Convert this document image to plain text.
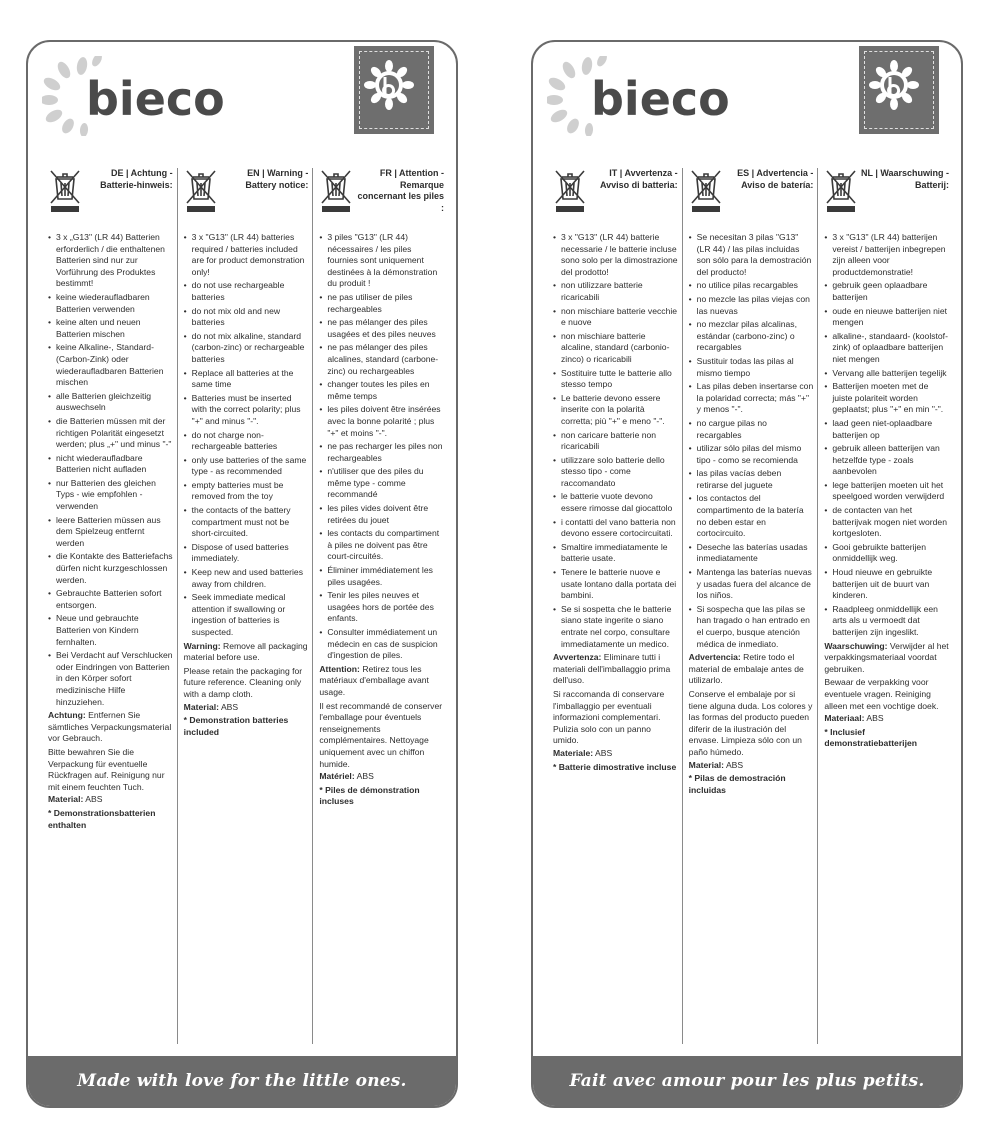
bieco
DE | Achtung - Batterie-hinweis:
• 3 x „G13" (LR 44) Batterien erforderlich / die enthaltenen Batterien sind nur zur Vorführung des Produktes bestimmt!
• keine wiederaufladbaren Batterien verwenden
• keine alten und neuen Batterien mischen
• keine Alkaline-, Standard- (Carbon-Zink) oder wiederaufladbaren Batterien mischen
• alle Batterien gleichzeitig auswechseln
• die Batterien müssen mit der richtigen Polarität eingesetzt werden; plus „+" und minus "-"
• nicht wiederaufladbare Batterien nicht aufladen
• nur Batterien des gleichen Typs - wie empfohlen - verwenden
• leere Batterien müssen aus dem Spielzeug entfernt werden
• die Kontakte des Batteriefachs dürfen nicht kurzgeschlossen werden.
• Gebrauchte Batterien sofort entsorgen.
• Neue und gebrauchte Batterien von Kindern fernhalten.
• Bei Verdacht auf Verschlucken oder Eindringen von Batterien in den Körper sofort medizinische Hilfe hinzuziehen.
Achtung: Entfernen Sie sämtliches Verpackungsmaterial vor Gebrauch.
Bitte bewahren Sie die Verpackung für eventuelle Rückfragen auf. Reinigung nur mit einem feuchten Tuch.
Material: ABS
* Demonstrationsbatterien enthalten
EN | Warning - Battery notice:
• 3 x "G13" (LR 44) batteries required / batteries included are for product demonstration only!
• do not use rechargeable batteries
• do not mix old and new batteries
• do not mix alkaline, standard (carbon-zinc) or rechargeable batteries
• Replace all batteries at the same time
• Batteries must be inserted with the correct polarity; plus "+" and minus "-".
• do not charge non-rechargeable batteries
• only use batteries of the same type - as recommended
• empty batteries must be removed from the toy
• the contacts of the battery compartment must not be short-circuited.
• Dispose of used batteries immediately.
• Keep new and used batteries away from children.
• Seek immediate medical attention if swallowing or ingestion of batteries is suspected.
Warning: Remove all packaging material before use.
Please retain the packaging for future reference. Cleaning only with a damp cloth.
Material: ABS
* Demonstration batteries included
FR | Attention - Remarque concernant les piles :
• 3 piles "G13" (LR 44) nécessaires / les piles fournies sont uniquement destinées à la démonstration du produit !
• ne pas utiliser de piles rechargeables
• ne pas mélanger des piles usagées et des piles neuves
• ne pas mélanger des piles alcalines, standard (carbone-zinc) ou rechargeables
• changer toutes les piles en même temps
• les piles doivent être insérées avec la bonne polarité ; plus "+" et moins "-".
• ne pas recharger les piles non rechargeables
• n'utiliser que des piles du même type - comme recommandé
• les piles vides doivent être retirées du jouet
• les contacts du compartiment à piles ne doivent pas être court-circuités.
• Éliminer immédiatement les piles usagées.
• Tenir les piles neuves et usagées hors de portée des enfants.
• Consulter immédiatement un médecin en cas de suspicion d'ingestion de piles.
Attention: Retirez tous les matériaux d'emballage avant usage.
Il est recommandé de conserver l'emballage pour éventuels renseignements complémentaires. Nettoyage uniquement avec un chiffon humide.
Matériel: ABS
* Piles de démonstration incluses
Made with love for the little ones.
bieco
IT | Avvertenza - Avviso di batteria:
• 3 x "G13" (LR 44) batterie necessarie / le batterie incluse sono solo per la dimostrazione del prodotto!
• non utilizzare batterie ricaricabili
• non mischiare batterie vecchie e nuove
• non mischiare batterie alcaline, standard (carbonio-zinco) o ricaricabili
• Sostituire tutte le batterie allo stesso tempo
• Le batterie devono essere inserite con la polarità corretta; più "+" e meno "-".
• non caricare batterie non ricaricabili
• utilizzare solo batterie dello stesso tipo - come raccomandato
• le batterie vuote devono essere rimosse dal giocattolo
• i contatti del vano batteria non devono essere cortocircuitati.
• Smaltire immediatamente le batterie usate.
• Tenere le batterie nuove e usate lontano dalla portata dei bambini.
• Se si sospetta che le batterie siano state ingerite o siano entrate nel corpo, consultare immediatamente un medico.
Avvertenza: Eliminare tutti i materiali dell'imballaggio prima dell'uso.
Si raccomanda di conservare l'imballaggio per eventuali informazioni complementari. Pulizia solo con un panno umido.
Materiale: ABS
* Batterie dimostrative incluse
ES | Advertencia - Aviso de batería:
• Se necesitan 3 pilas "G13" (LR 44) / las pilas incluidas son sólo para la demostración del producto!
• no utilice pilas recargables
• no mezcle las pilas viejas con las nuevas
• no mezclar pilas alcalinas, estándar (carbono-zinc) o recargables
• Sustituir todas las pilas al mismo tiempo
• Las pilas deben insertarse con la polaridad correcta; más "+" y menos "-".
• no cargue pilas no recargables
• utilizar sólo pilas del mismo tipo - como se recomienda
• las pilas vacías deben retirarse del juguete
• los contactos del compartimento de la batería no deben estar en cortocircuito.
• Deseche las baterías usadas inmediatamente
• Mantenga las baterías nuevas y usadas fuera del alcance de los niños.
• Si sospecha que las pilas se han tragado o han entrado en el cuerpo, busque atención médica de inmediato.
Advertencia: Retire todo el material de embalaje antes de utilizarlo.
Conserve el embalaje por si tiene alguna duda. Los colores y las formas del producto pueden diferir de la ilustración del envase. Limpieza sólo con un paño húmedo.
Material: ABS
* Pilas de demostración incluidas
NL | Waarschuwing - Batterij:
• 3 x "G13" (LR 44) batterijen vereist / batterijen inbegrepen zijn alleen voor productdemonstratie!
• gebruik geen oplaadbare batterijen
• oude en nieuwe batterijen niet mengen
• alkaline-, standaard- (koolstof-zink) of oplaadbare batterijen niet mengen
• Vervang alle batterijen tegelijk
• Batterijen moeten met de juiste polariteit worden geplaatst; plus "+" en min "-".
• laad geen niet-oplaadbare batterijen op
• gebruik alleen batterijen van hetzelfde type - zoals aanbevolen
• lege batterijen moeten uit het speelgoed worden verwijderd
• de contacten van het batterijvak mogen niet worden kortgesloten.
• Gooi gebruikte batterijen onmiddellijk weg.
• Houd nieuwe en gebruikte batterijen uit de buurt van kinderen.
• Raadpleeg onmiddellijk een arts als u vermoedt dat batterijen zijn ingeslikt.
Waarschuwing: Verwijder al het verpakkingsmateriaal voordat gebruiken.
Bewaar de verpakking voor eventuele vragen. Reiniging alleen met een vochtige doek.
Materiaal: ABS
* Inclusief demonstratiebatterijen
Fait avec amour pour les plus petits.
